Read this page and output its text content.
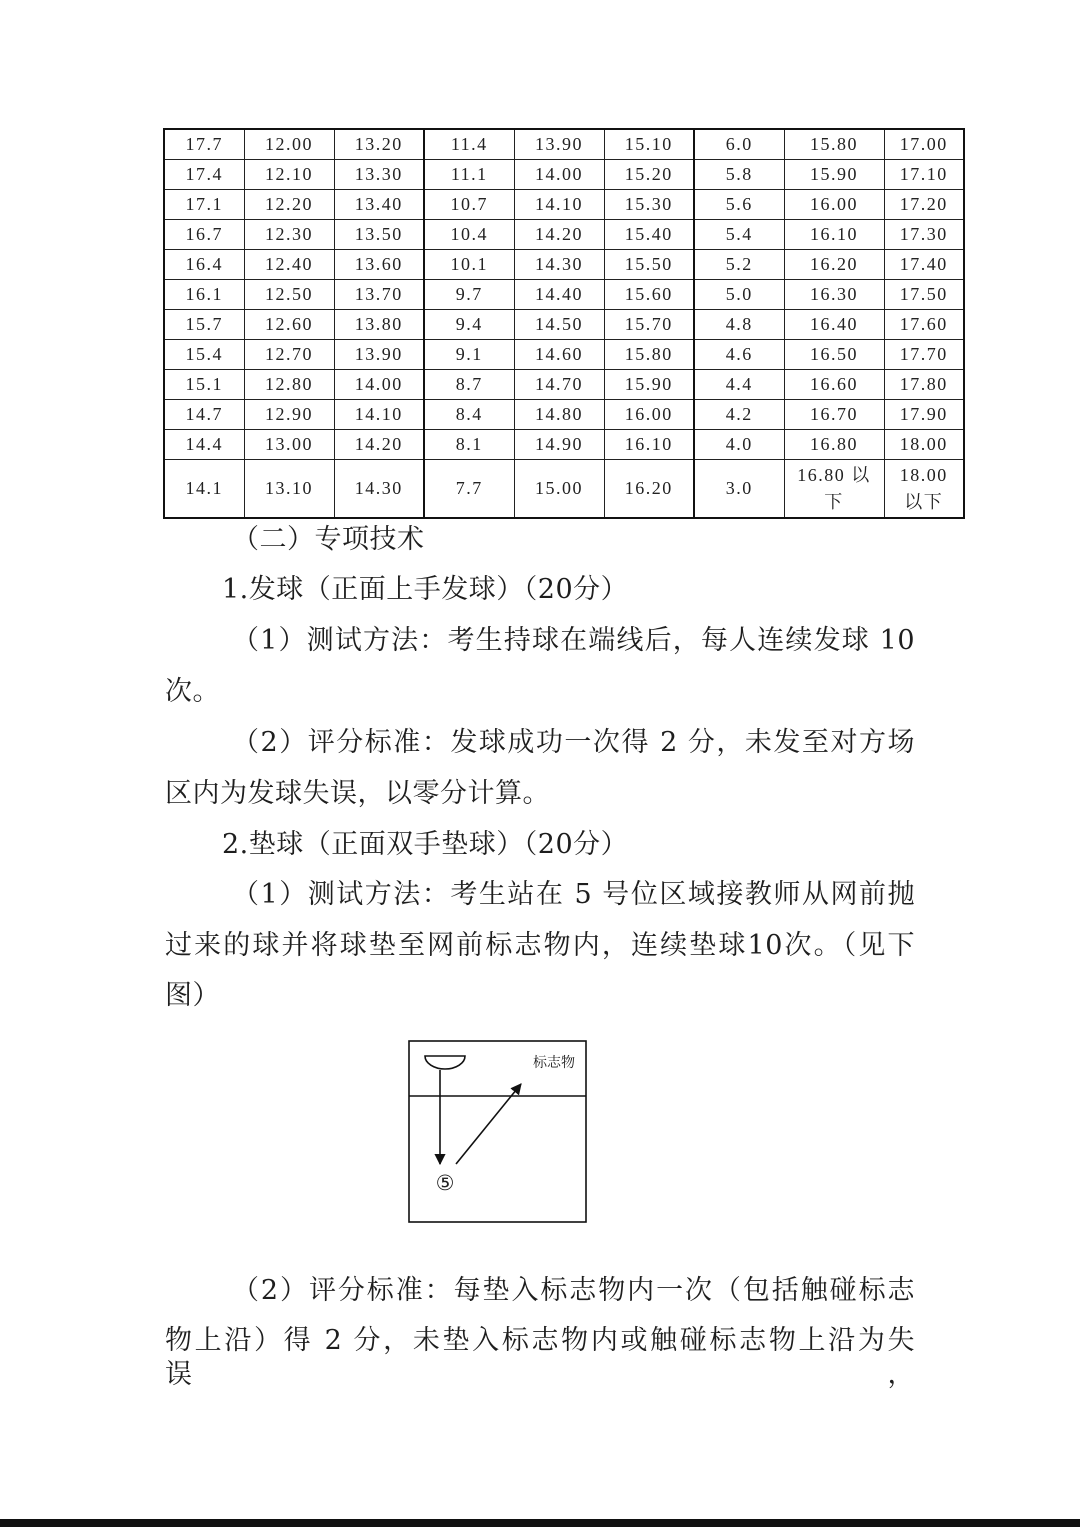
17.7	12.00	13.20	11.4	13.90	15.10	6.0	15.80	17.00
17.4	12.10	13.30	11.1	14.00	15.20	5.8	15.90	17.10
17.1	12.20	13.40	10.7	14.10	15.30	5.6	16.00	17.20
16.7	12.30	13.50	10.4	14.20	15.40	5.4	16.10	17.30
16.4	12.40	13.60	10.1	14.30	15.50	5.2	16.20	17.40
16.1	12.50	13.70	9.7	14.40	15.60	5.0	16.30	17.50
15.7	12.60	13.80	9.4	14.50	15.70	4.8	16.40	17.60
15.4	12.70	13.90	9.1	14.60	15.80	4.6	16.50	17.70
15.1	12.80	14.00	8.7	14.70	15.90	4.4	16.60	17.80
14.7	12.90	14.10	8.4	14.80	16.00	4.2	16.70	17.90
14.4	13.00	14.20	8.1	14.90	16.10	4.0	16.80	18.00
14.1	13.10	14.30	7.7	15.00	16.20	3.0	16.80 以下	18.00 以下

（二）专项技术

1.发球（正面上手发球）（20分）

（1）测试方法：考生持球在端线后，每人连续发球 10

次。

（2）评分标准：发球成功一次得 2 分，未发至对方场

区内为发球失误，以零分计算。

2.垫球（正面双手垫球）（20分）

（1）测试方法：考生站在 5 号位区域接教师从网前抛

过来的球并将球垫至网前标志物内，连续垫球10次。（见下

图）

标志物
⑤

（2）评分标准：每垫入标志物内一次（包括触碰标志

物上沿）得 2 分，未垫入标志物内或触碰标志物上沿为失误，
